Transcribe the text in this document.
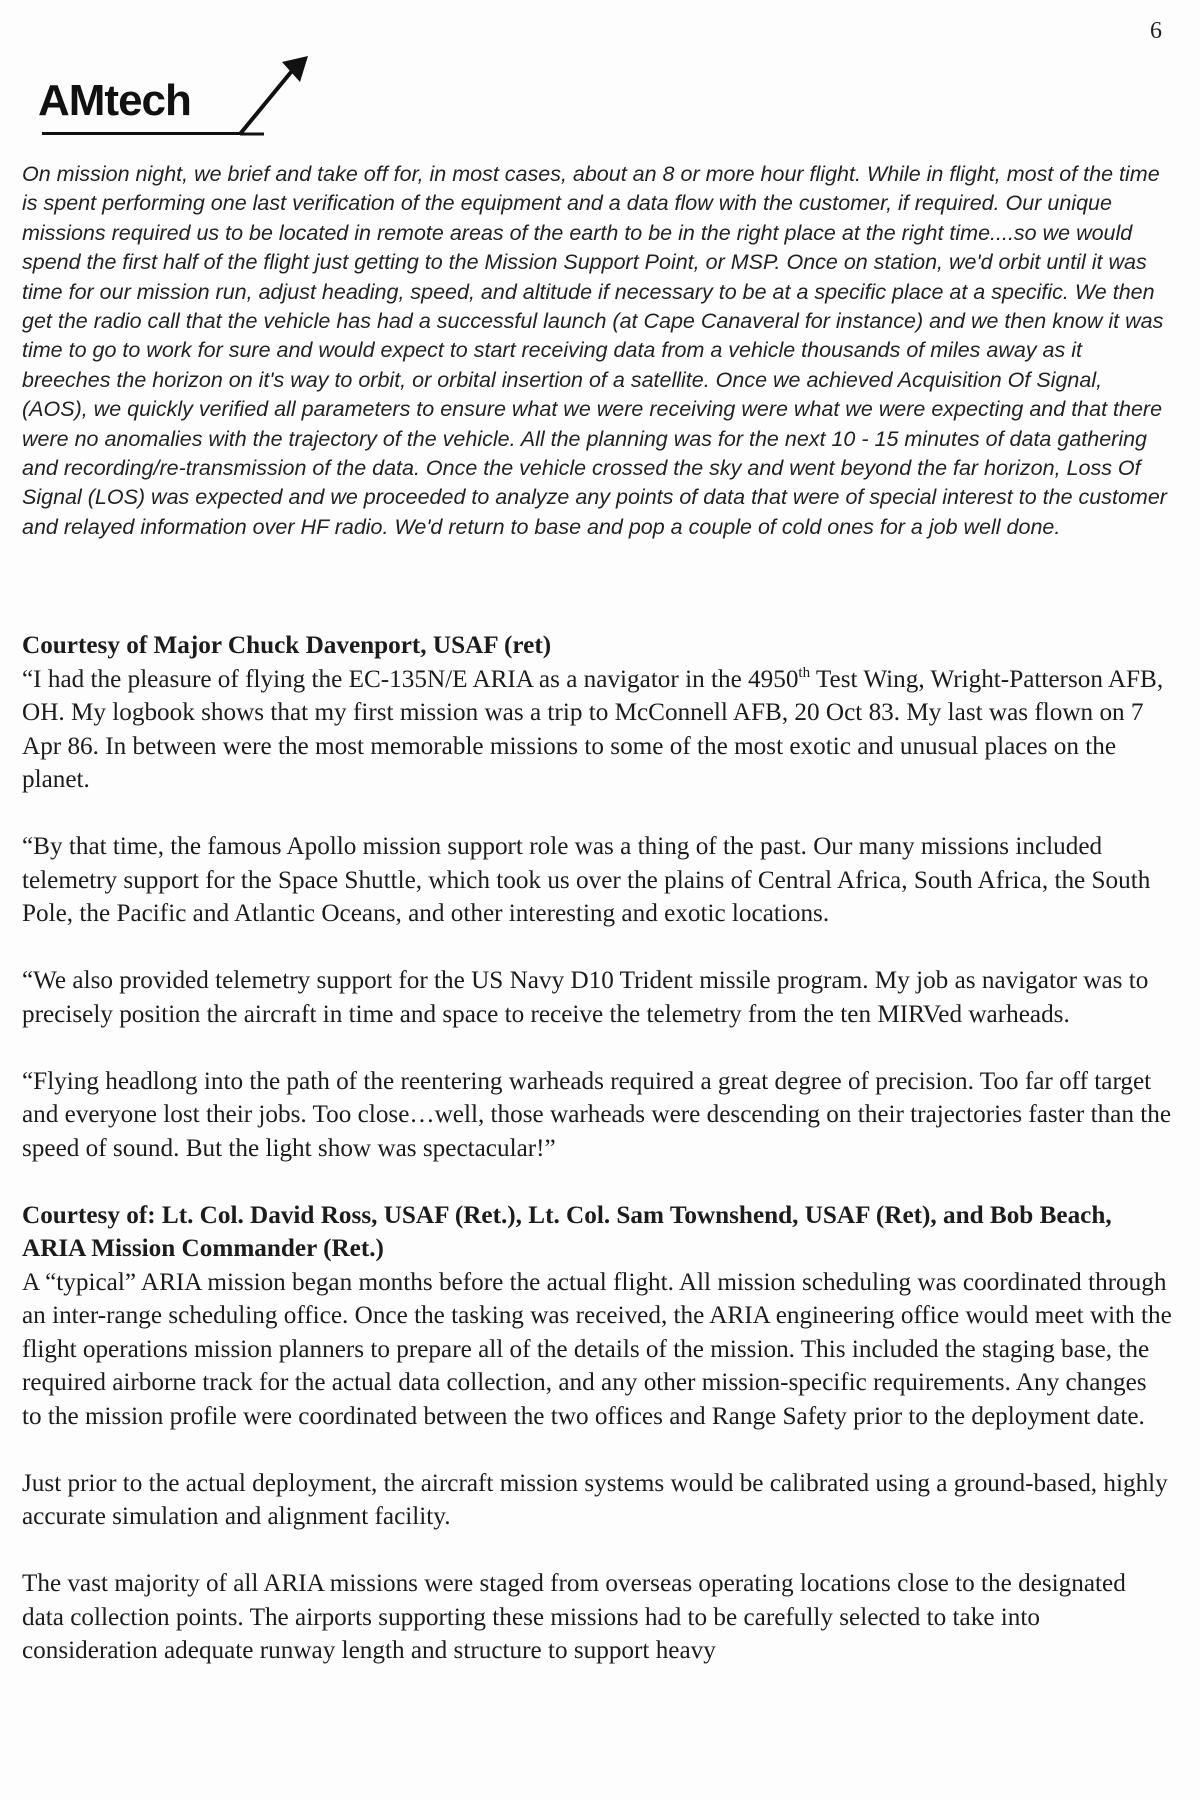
6
AMtech

On mission night, we brief and take off for, in most cases, about an 8 or more hour flight. While in flight, most of the time is spent performing one last verification of the equipment and a data flow with the customer, if required. Our unique missions required us to be located in remote areas of the earth to be in the right place at the right time....so we would spend the first half of the flight just getting to the Mission Support Point, or MSP. Once on station, we'd orbit until it was time for our mission run, adjust heading, speed, and altitude if necessary to be at a specific place at a specific. We then get the radio call that the vehicle has had a successful launch (at Cape Canaveral for instance) and we then know it was time to go to work for sure and would expect to start receiving data from a vehicle thousands of miles away as it breeches the horizon on it's way to orbit, or orbital insertion of a satellite. Once we achieved Acquisition Of Signal, (AOS), we quickly verified all parameters to ensure what we were receiving were what we were expecting and that there were no anomalies with the trajectory of the vehicle. All the planning was for the next 10 - 15 minutes of data gathering and recording/re-transmission of the data. Once the vehicle crossed the sky and went beyond the far horizon, Loss Of Signal (LOS) was expected and we proceeded to analyze any points of data that were of special interest to the customer and relayed information over HF radio. We'd return to base and pop a couple of cold ones for a job well done.

Courtesy of Major Chuck Davenport, USAF (ret)

“I had the pleasure of flying the EC-135N/E ARIA as a navigator in the 4950th Test Wing, Wright-Patterson AFB, OH. My logbook shows that my first mission was a trip to McConnell AFB, 20 Oct 83. My last was flown on 7 Apr 86. In between were the most memorable missions to some of the most exotic and unusual places on the planet.

“By that time, the famous Apollo mission support role was a thing of the past. Our many missions included telemetry support for the Space Shuttle, which took us over the plains of Central Africa, South Africa, the South Pole, the Pacific and Atlantic Oceans, and other interesting and exotic locations.

“We also provided telemetry support for the US Navy D10 Trident missile program. My job as navigator was to precisely position the aircraft in time and space to receive the telemetry from the ten MIRVed warheads.

“Flying headlong into the path of the reentering warheads required a great degree of precision. Too far off target and everyone lost their jobs. Too close…well, those warheads were descending on their trajectories faster than the speed of sound. But the light show was spectacular!”

Courtesy of: Lt. Col. David Ross, USAF (Ret.), Lt. Col. Sam Townshend, USAF (Ret), and Bob Beach, ARIA Mission Commander (Ret.)

A “typical” ARIA mission began months before the actual flight. All mission scheduling was coordinated through an inter-range scheduling office. Once the tasking was received, the ARIA engineering office would meet with the flight operations mission planners to prepare all of the details of the mission. This included the staging base, the required airborne track for the actual data collection, and any other mission-specific requirements. Any changes to the mission profile were coordinated between the two offices and Range Safety prior to the deployment date.

Just prior to the actual deployment, the aircraft mission systems would be calibrated using a ground-based, highly accurate simulation and alignment facility.

The vast majority of all ARIA missions were staged from overseas operating locations close to the designated data collection points. The airports supporting these missions had to be carefully selected to take into consideration adequate runway length and structure to support heavy
